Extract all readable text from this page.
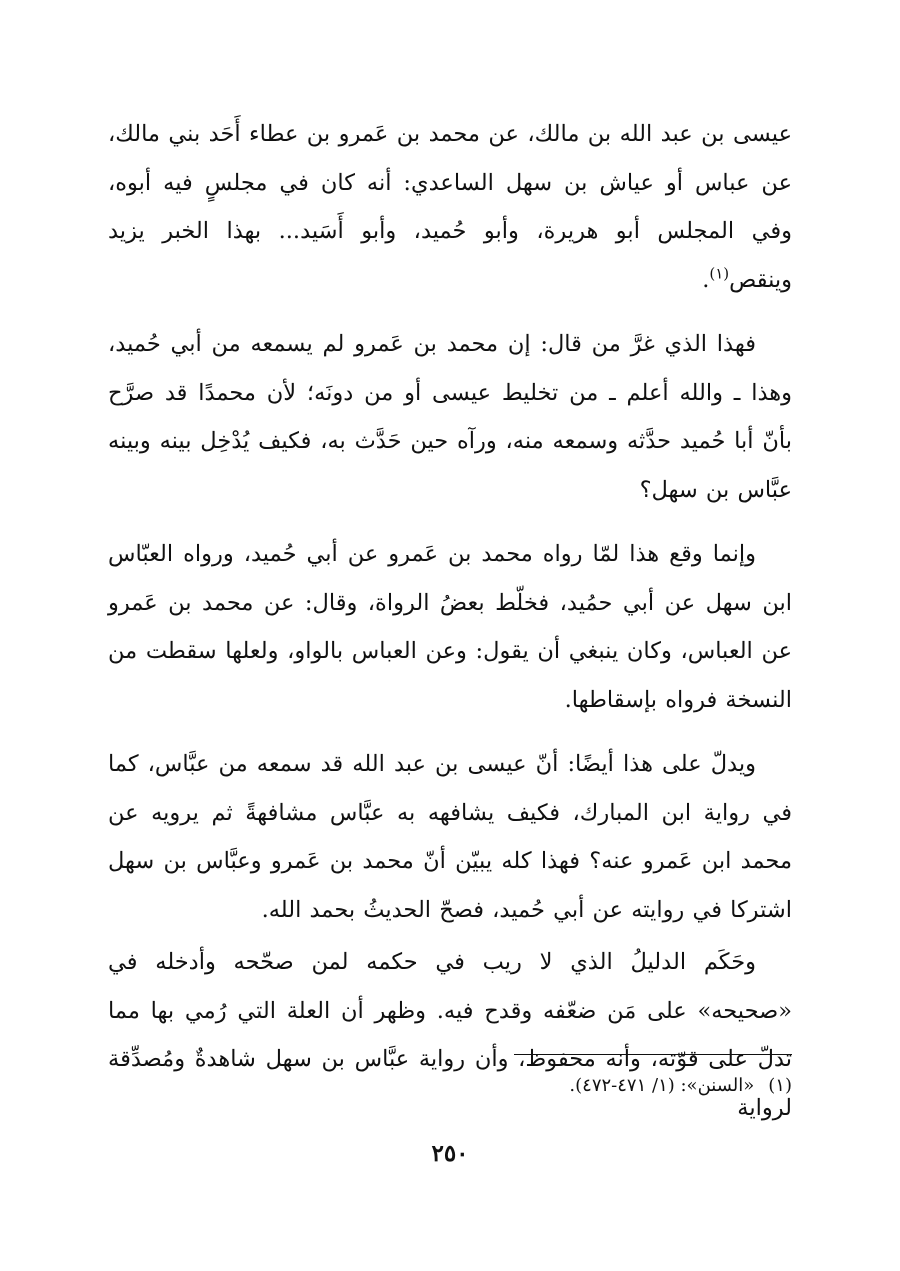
عيسى بن عبد الله بن مالك، عن محمد بن عَمرو بن عطاء أَحَد بني مالك، عن عباس أو عياش بن سهل الساعدي: أنه كان في مجلسٍ فيه أبوه، وفي المجلس أبو هريرة، وأبو حُميد، وأبو أَسَيد... بهذا الخبر يزيد وينقص$^{(١)}$.

فهذا الذي غرَّ من قال: إن محمد بن عَمرو لم يسمعه من أبي حُميد، وهذا ـ والله أعلم ـ من تخليط عيسى أو من دونَه؛ لأن محمدًا قد صرَّح بأنّ أبا حُميد حدَّثه وسمعه منه، ورآه حين حَدَّث به، فكيف يُدْخِل بينه وبينه عبَّاس بن سهل؟

وإنما وقع هذا لمّا رواه محمد بن عَمرو عن أبي حُميد، ورواه العبّاس ابن سهل عن أبي حمُيد، فخلّط بعضُ الرواة، وقال: عن محمد بن عَمرو عن العباس، وكان ينبغي أن يقول: وعن العباس بالواو، ولعلها سقطت من النسخة فرواه بإسقاطها.

ويدلّ على هذا أيضًا: أنّ عيسى بن عبد الله قد سمعه من عبَّاس، كما في رواية ابن المبارك، فكيف يشافهه به عبَّاس مشافهةً ثم يرويه عن محمد ابن عَمرو عنه؟ فهذا كله يبيّن أنّ محمد بن عَمرو وعبَّاس بن سهل اشتركا في روايته عن أبي حُميد، فصحّ الحديثُ بحمد الله.

وحَكَم الدليلُ الذي لا ريب في حكمه لمن صحّحه وأدخله في «صحيحه» على مَن ضعّفه وقدح فيه. وظهر أن العلة التي رُمي بها مما تدلّ على قوّته، وأنه محفوظ، وأن رواية عبَّاس بن سهل شاهدةٌ ومُصدِّقة لرواية

(١)«السنن»: (١/ ٤٧١-٤٧٢).
٢٥٠
